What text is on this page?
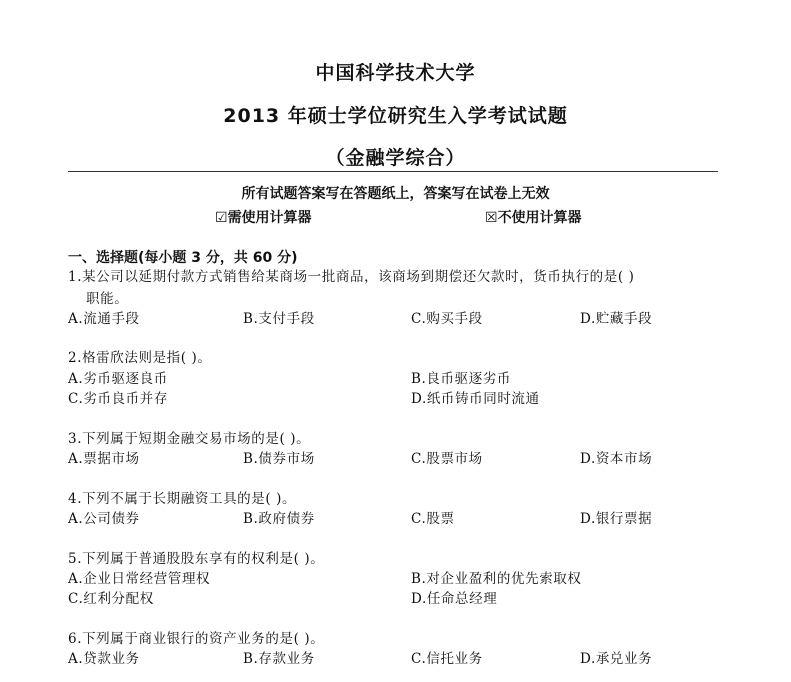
中国科学技术大学
2013 年硕士学位研究生入学考试试题
（金融学综合）
所有试题答案写在答题纸上，答案写在试卷上无效
☑需使用计算器	☒不使用计算器
一、选择题(每小题 3 分，共 60 分)
1.某公司以延期付款方式销售给某商场一批商品，该商场到期偿还欠款时，货币执行的是( )
职能。
A.流通手段	B.支付手段	C.购买手段	D.贮藏手段
2.格雷欣法则是指( )。
A.劣币驱逐良币	B.良币驱逐劣币
C.劣币良币并存	D.纸币铸币同时流通
3.下列属于短期金融交易市场的是( )。
A.票据市场	B.债券市场	C.股票市场	D.资本市场
4.下列不属于长期融资工具的是( )。
A.公司债券	B.政府债券	C.股票	D.银行票据
5.下列属于普通股股东享有的权利是( )。
A.企业日常经营管理权	B.对企业盈利的优先索取权
C.红利分配权	D.任命总经理
6.下列属于商业银行的资产业务的是( )。
A.贷款业务	B.存款业务	C.信托业务	D.承兑业务
